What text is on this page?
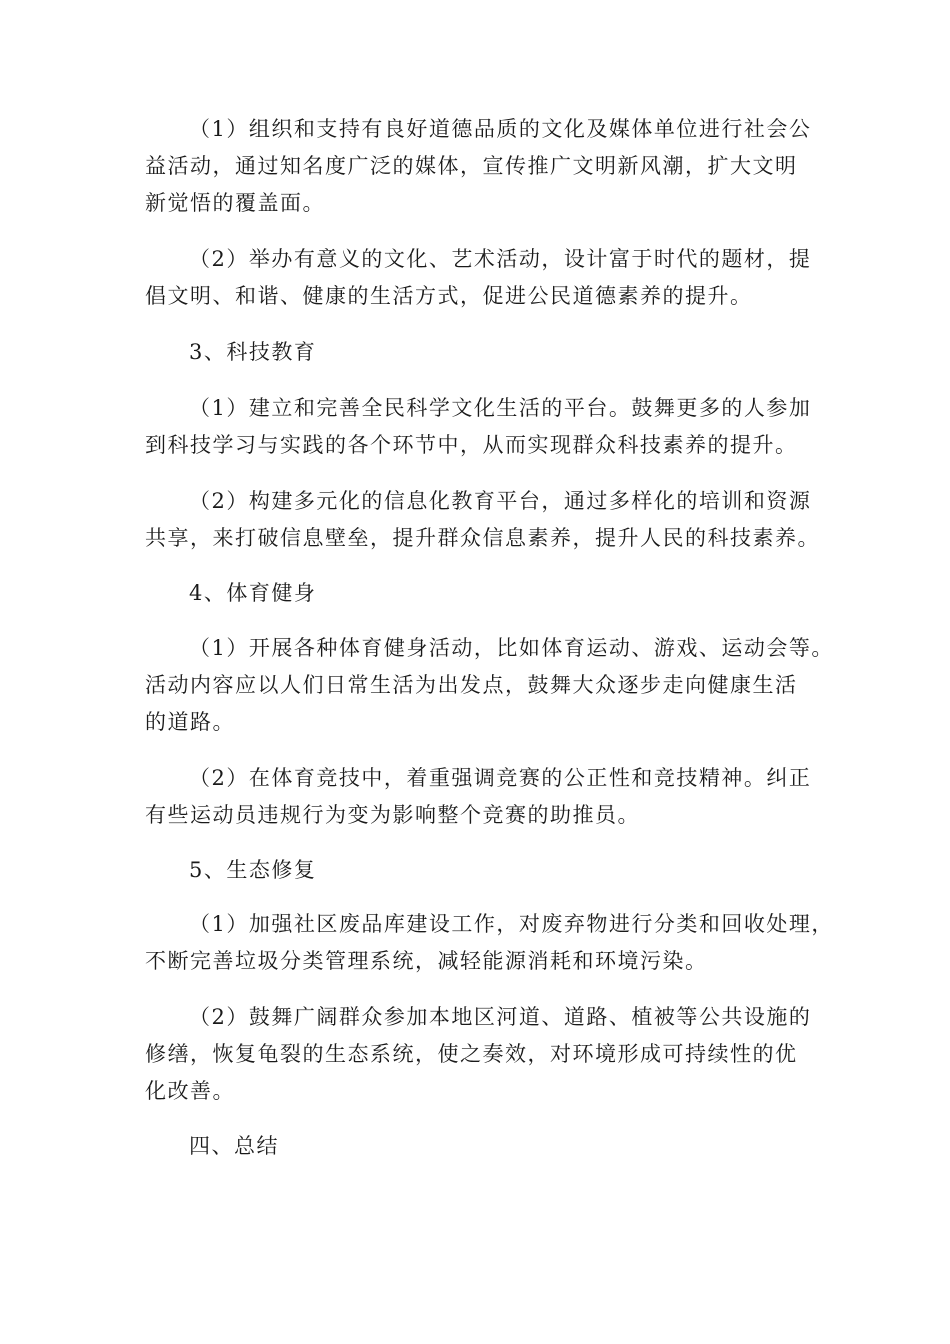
（1）组织和支持有良好道德品质的文化及媒体单位进行社会公
益活动，通过知名度广泛的媒体，宣传推广文明新风潮，扩大文明
新觉悟的覆盖面。
（2）举办有意义的文化、艺术活动，设计富于时代的题材，提
倡文明、和谐、健康的生活方式，促进公民道德素养的提升。
3、科技教育
（1）建立和完善全民科学文化生活的平台。鼓舞更多的人参加
到科技学习与实践的各个环节中，从而实现群众科技素养的提升。
（2）构建多元化的信息化教育平台，通过多样化的培训和资源
共享，来打破信息壁垒，提升群众信息素养，提升人民的科技素养。
4、体育健身
（1）开展各种体育健身活动，比如体育运动、游戏、运动会等。
活动内容应以人们日常生活为出发点，鼓舞大众逐步走向健康生活
的道路。
（2）在体育竞技中，着重强调竞赛的公正性和竞技精神。纠正
有些运动员违规行为变为影响整个竞赛的助推员。
5、生态修复
（1）加强社区废品库建设工作，对废弃物进行分类和回收处理，
不断完善垃圾分类管理系统，减轻能源消耗和环境污染。
（2）鼓舞广阔群众参加本地区河道、道路、植被等公共设施的
修缮，恢复龟裂的生态系统，使之奏效，对环境形成可持续性的优
化改善。
四、总结
